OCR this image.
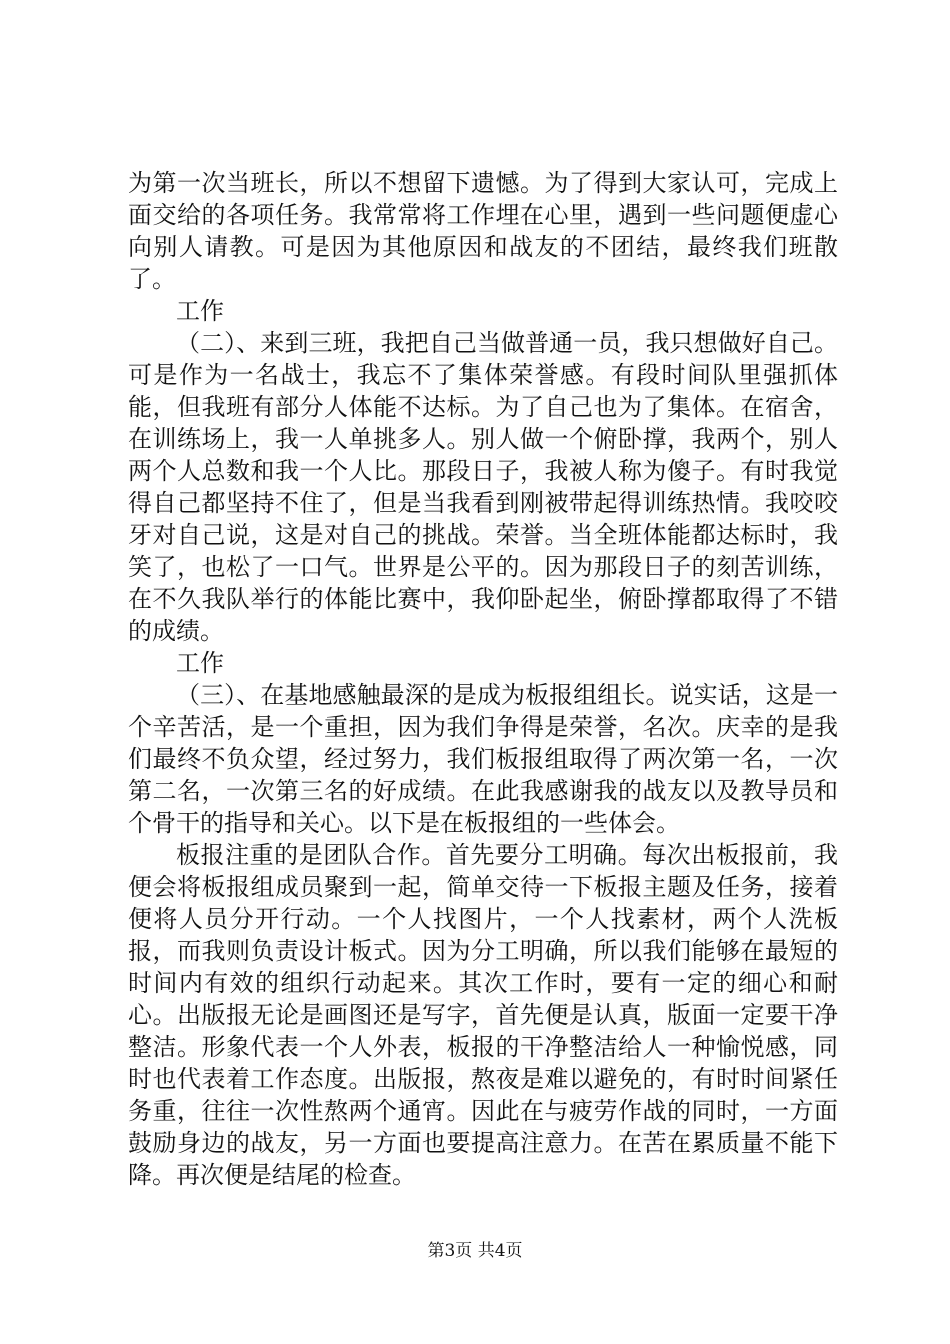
为第一次当班长，所以不想留下遗憾。为了得到大家认可，完成上面交给的各项任务。我常常将工作埋在心里，遇到一些问题便虚心向别人请教。可是因为其他原因和战友的不团结，最终我们班散了。

工作

（二）、来到三班，我把自己当做普通一员，我只想做好自己。可是作为一名战士，我忘不了集体荣誉感。有段时间队里强抓体能，但我班有部分人体能不达标。为了自己也为了集体。在宿舍，在训练场上，我一人单挑多人。别人做一个俯卧撑，我两个，别人两个人总数和我一个人比。那段日子，我被人称为傻子。有时我觉得自己都坚持不住了，但是当我看到刚被带起得训练热情。我咬咬牙对自己说，这是对自己的挑战。荣誉。当全班体能都达标时，我笑了，也松了一口气。世界是公平的。因为那段日子的刻苦训练，在不久我队举行的体能比赛中，我仰卧起坐，俯卧撑都取得了不错的成绩。

工作

（三）、在基地感触最深的是成为板报组组长。说实话，这是一个辛苦活，是一个重担，因为我们争得是荣誉，名次。庆幸的是我们最终不负众望，经过努力，我们板报组取得了两次第一名，一次第二名，一次第三名的好成绩。在此我感谢我的战友以及教导员和个骨干的指导和关心。以下是在板报组的一些体会。

板报注重的是团队合作。首先要分工明确。每次出板报前，我便会将板报组成员聚到一起，简单交待一下板报主题及任务，接着便将人员分开行动。一个人找图片，一个人找素材，两个人洗板报，而我则负责设计板式。因为分工明确，所以我们能够在最短的时间内有效的组织行动起来。其次工作时，要有一定的细心和耐心。出版报无论是画图还是写字，首先便是认真，版面一定要干净整洁。形象代表一个人外表，板报的干净整洁给人一种愉悦感，同时也代表着工作态度。出版报，熬夜是难以避免的，有时时间紧任务重，往往一次性熬两个通宵。因此在与疲劳作战的同时，一方面鼓励身边的战友，另一方面也要提高注意力。在苦在累质量不能下降。再次便是结尾的检查。

第3页 共4页
